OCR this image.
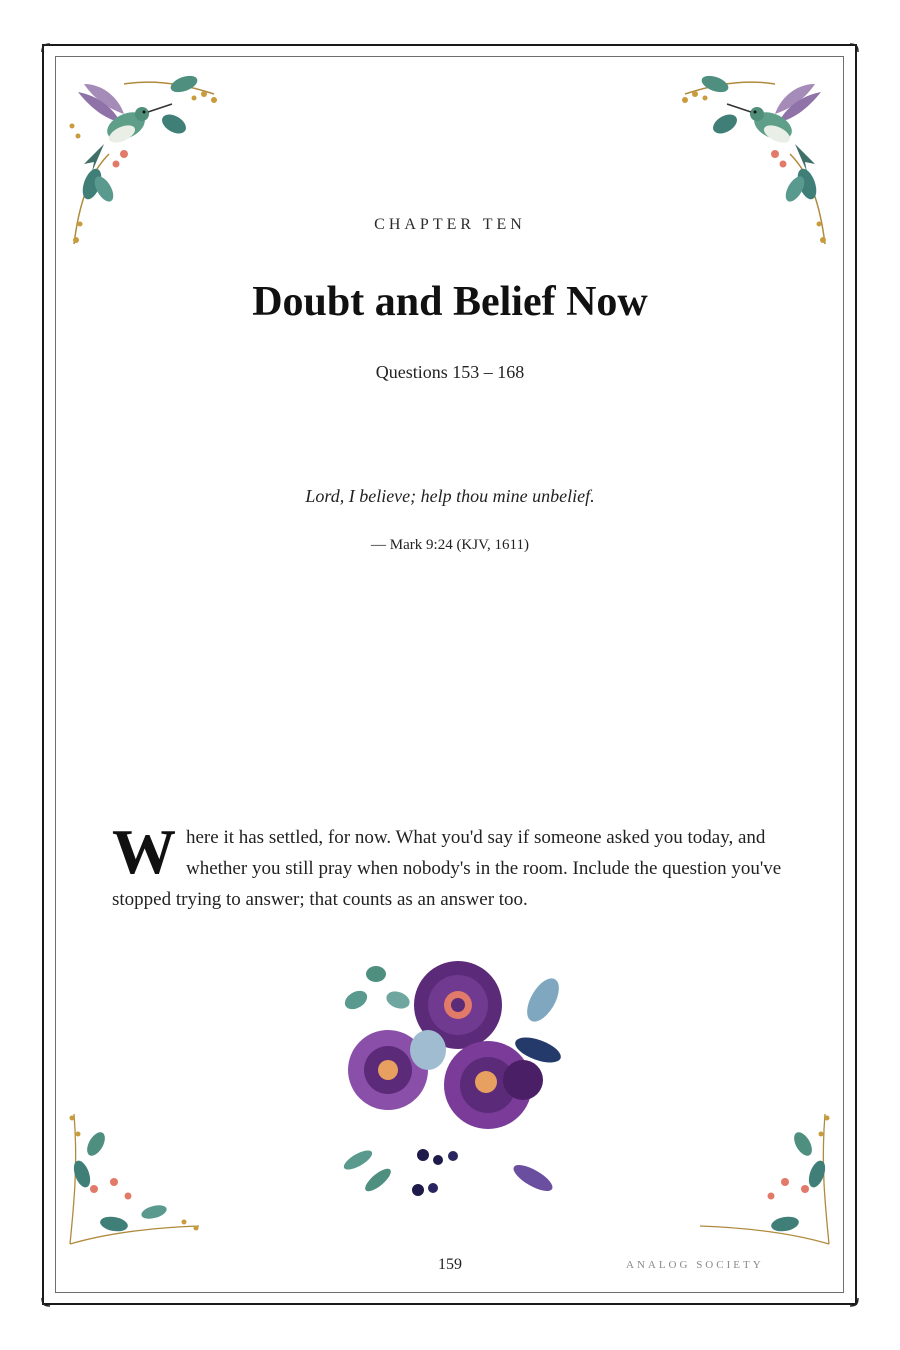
CHAPTER TEN
Doubt and Belief Now
Questions 153 – 168
Lord, I believe; help thou mine unbelief.
— Mark 9:24 (KJV, 1611)

Where it has settled, for now. What you'd say if someone asked you today, and whether you still pray when nobody's in the room. Include the question you've stopped trying to answer; that counts as an answer too.

159	ANALOG SOCIETY
